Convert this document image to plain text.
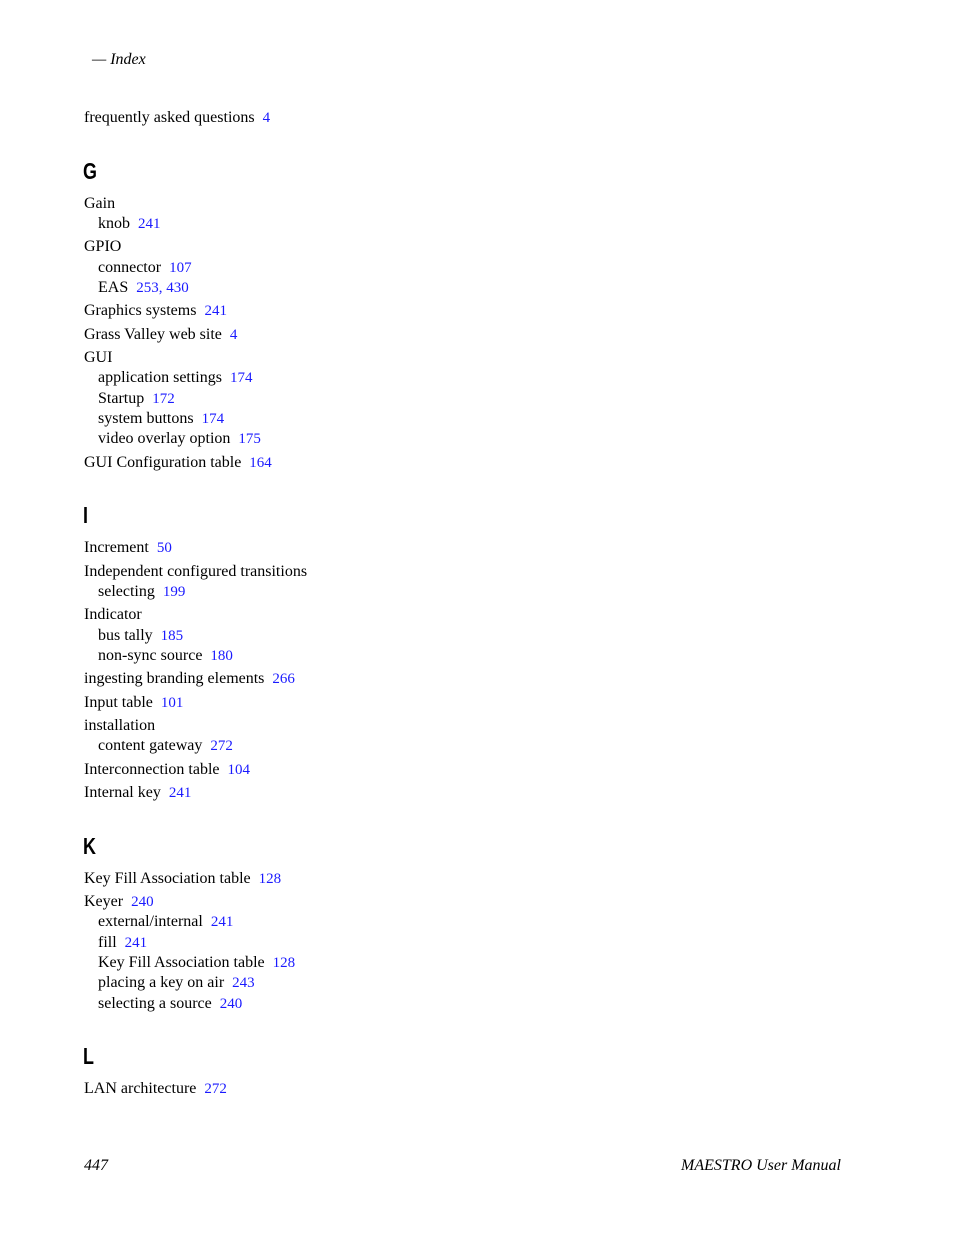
— Index
frequently asked questions 4
G
Gain
knob 241
GPIO
connector 107
EAS 253, 430
Graphics systems 241
Grass Valley web site 4
GUI
application settings 174
Startup 172
system buttons 174
video overlay option 175
GUI Configuration table 164
I
Increment 50
Independent configured transitions
selecting 199
Indicator
bus tally 185
non-sync source 180
ingesting branding elements 266
Input table 101
installation
content gateway 272
Interconnection table 104
Internal key 241
K
Key Fill Association table 128
Keyer 240
external/internal 241
fill 241
Key Fill Association table 128
placing a key on air 243
selecting a source 240
L
LAN architecture 272
447	MAESTRO User Manual
